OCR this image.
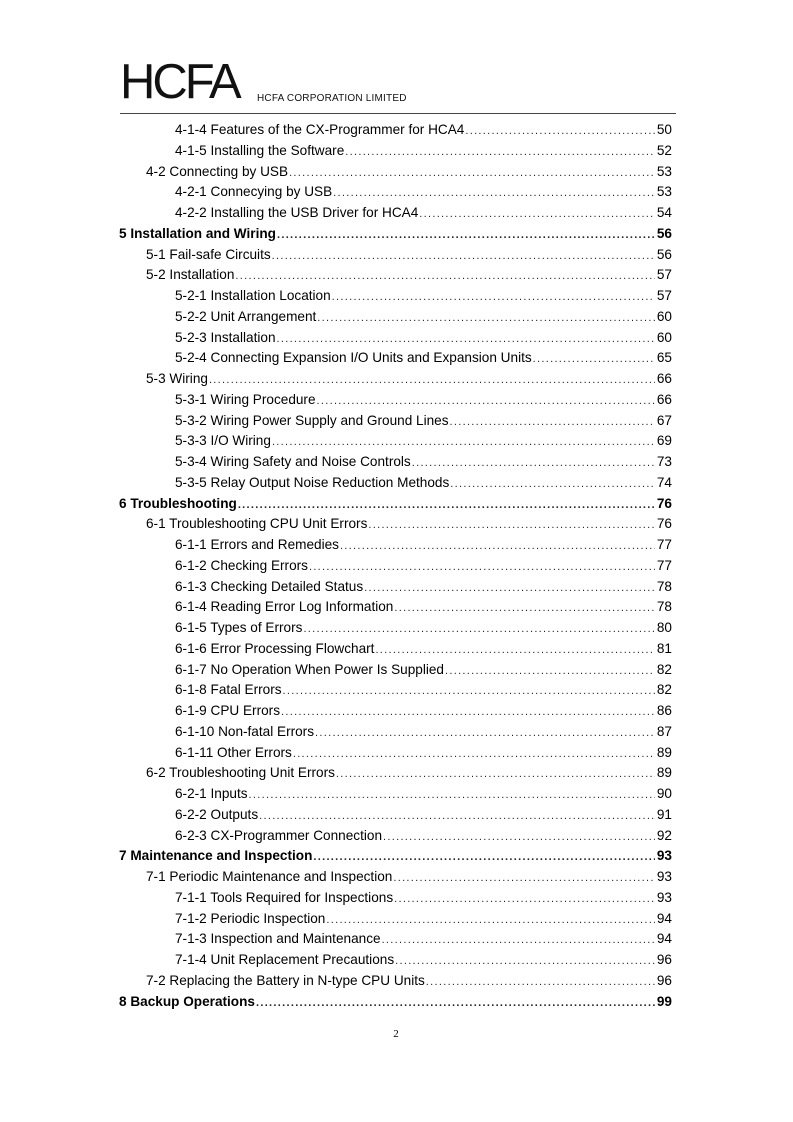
HCFA HCFA CORPORATION LIMITED
4-1-4 Features of the CX-Programmer for HCA4 .....	50
4-1-5 Installing the Software .....	52
4-2 Connecting by USB .....	53
4-2-1 Connecying by USB .....	53
4-2-2 Installing the USB Driver for HCA4 .....	54
5 Installation and Wiring .....	56
5-1 Fail-safe Circuits .....	56
5-2 Installation .....	57
5-2-1 Installation Location .....	57
5-2-2 Unit Arrangement .....	60
5-2-3 Installation .....	60
5-2-4 Connecting Expansion I/O Units and Expansion Units .....	65
5-3 Wiring .....	66
5-3-1 Wiring Procedure .....	66
5-3-2 Wiring Power Supply and Ground Lines .....	67
5-3-3 I/O Wiring .....	69
5-3-4 Wiring Safety and Noise Controls .....	73
5-3-5 Relay Output Noise Reduction Methods .....	74
6 Troubleshooting .....	76
6-1 Troubleshooting CPU Unit Errors .....	76
6-1-1 Errors and Remedies .....	77
6-1-2 Checking Errors .....	77
6-1-3 Checking Detailed Status .....	78
6-1-4 Reading Error Log Information .....	78
6-1-5 Types of Errors .....	80
6-1-6 Error Processing Flowchart .....	81
6-1-7 No Operation When Power Is Supplied .....	82
6-1-8 Fatal Errors .....	82
6-1-9 CPU Errors .....	86
6-1-10 Non-fatal Errors .....	87
6-1-11 Other Errors .....	89
6-2 Troubleshooting Unit Errors .....	89
6-2-1 Inputs .....	90
6-2-2 Outputs .....	91
6-2-3 CX-Programmer Connection .....	92
7 Maintenance and Inspection .....	93
7-1 Periodic Maintenance and Inspection .....	93
7-1-1 Tools Required for Inspections .....	93
7-1-2 Periodic Inspection .....	94
7-1-3 Inspection and Maintenance .....	94
7-1-4 Unit Replacement Precautions .....	96
7-2 Replacing the Battery in N-type CPU Units .....	96
8 Backup Operations .....	99
2
